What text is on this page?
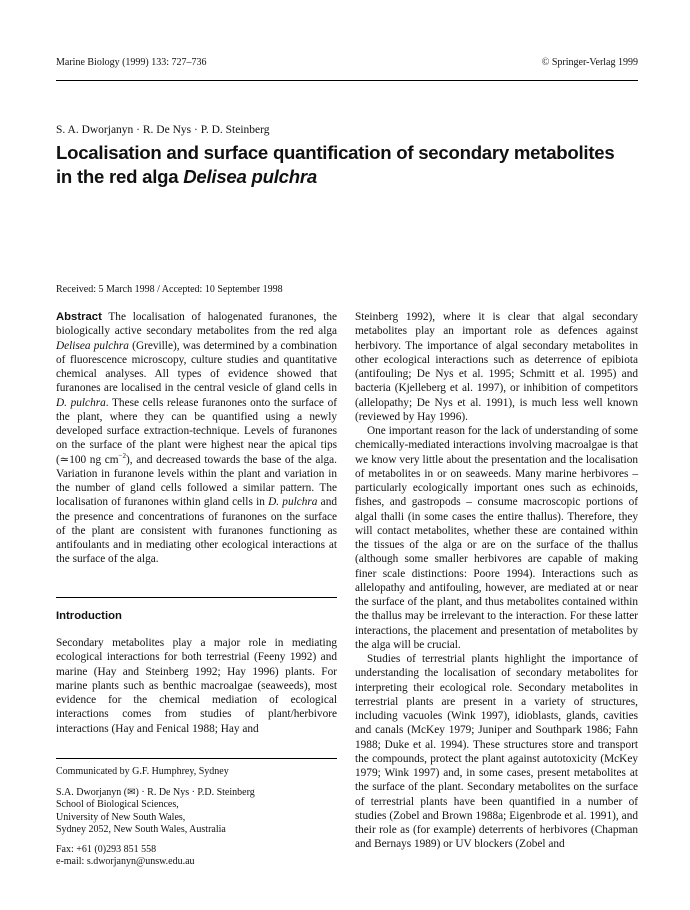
Marine Biology (1999) 133: 727–736	© Springer-Verlag 1999
S. A. Dworjanyn · R. De Nys · P. D. Steinberg
Localisation and surface quantification of secondary metabolites
in the red alga Delisea pulchra
Received: 5 March 1998 / Accepted: 10 September 1998

Abstract The localisation of halogenated furanones, the biologically active secondary metabolites from the red alga Delisea pulchra (Greville), was determined by a combination of fluorescence microscopy, culture studies and quantitative chemical analyses. All types of evidence showed that furanones are localised in the central vesicle of gland cells in D. pulchra. These cells release furanones onto the surface of the plant, where they can be quantified using a newly developed surface extraction-technique. Levels of furanones on the surface of the plant were highest near the apical tips (≃100 ng $cm^{-2}$), and decreased towards the base of the alga. Variation in furanone levels within the plant and variation in the number of gland cells followed a similar pattern. The localisation of furanones within gland cells in D. pulchra and the presence and concentrations of furanones on the surface of the plant are consistent with furanones functioning as antifoulants and in mediating other ecological interactions at the surface of the alga.

Introduction

Secondary metabolites play a major role in mediating ecological interactions for both terrestrial (Feeny 1992) and marine (Hay and Steinberg 1992; Hay 1996) plants. For marine plants such as benthic macroalgae (seaweeds), most evidence for the chemical mediation of ecological interactions comes from studies of plant/herbivore interactions (Hay and Fenical 1988; Hay and

Communicated by G.F. Humphrey, Sydney
S.A. Dworjanyn (✉) · R. De Nys · P.D. Steinberg
School of Biological Sciences,
University of New South Wales,
Sydney 2052, New South Wales, Australia
Fax: +61 (0)293 851 558
e-mail: s.dworjanyn@unsw.edu.au

Steinberg 1992), where it is clear that algal secondary metabolites play an important role as defences against herbivory. The importance of algal secondary metabolites in other ecological interactions such as deterrence of epibiota (antifouling; De Nys et al. 1995; Schmitt et al. 1995) and bacteria (Kjelleberg et al. 1997), or inhibition of competitors (allelopathy; De Nys et al. 1991), is much less well known (reviewed by Hay 1996).

One important reason for the lack of understanding of some chemically-mediated interactions involving macroalgae is that we know very little about the presentation and the localisation of metabolites in or on seaweeds. Many marine herbivores – particularly ecologically important ones such as echinoids, fishes, and gastropods – consume macroscopic portions of algal thalli (in some cases the entire thallus). Therefore, they will contact metabolites, whether these are contained within the tissues of the alga or are on the surface of the thallus (although some smaller herbivores are capable of making finer scale distinctions: Poore 1994). Interactions such as allelopathy and antifouling, however, are mediated at or near the surface of the plant, and thus metabolites contained within the thallus may be irrelevant to the interaction. For these latter interactions, the placement and presentation of metabolites by the alga will be crucial.

Studies of terrestrial plants highlight the importance of understanding the localisation of secondary metabolites for interpreting their ecological role. Secondary metabolites in terrestrial plants are present in a variety of structures, including vacuoles (Wink 1997), idioblasts, glands, cavities and canals (McKey 1979; Juniper and Southpark 1986; Fahn 1988; Duke et al. 1994). These structures store and transport the compounds, protect the plant against autotoxicity (McKey 1979; Wink 1997) and, in some cases, present metabolites at the surface of the plant. Secondary metabolites on the surface of terrestrial plants have been quantified in a number of studies (Zobel and Brown 1988a; Eigenbrode et al. 1991), and their role as (for example) deterrents of herbivores (Chapman and Bernays 1989) or UV blockers (Zobel and
